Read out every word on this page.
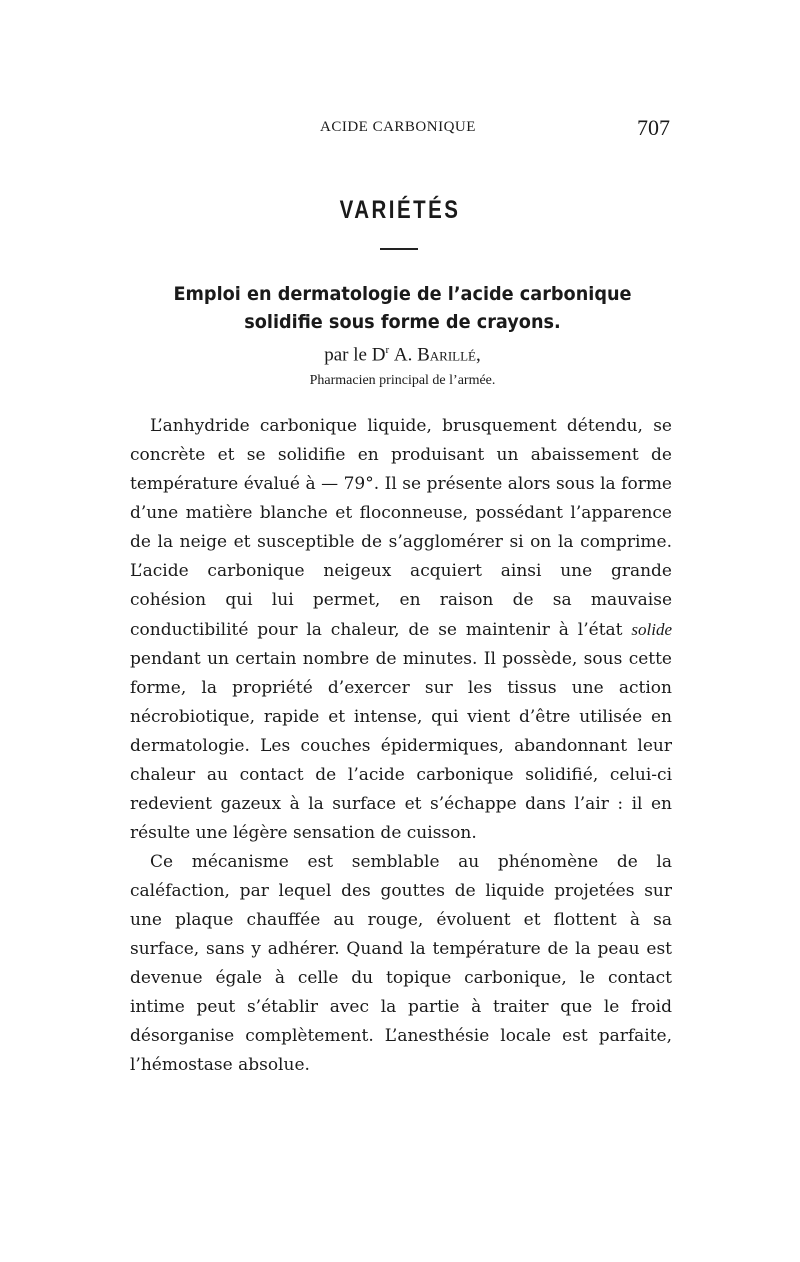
ACIDE CARBONIQUE	707
VARIÉTÉS
Emploi en dermatologie de l’acide carbonique solidifie sous forme de crayons.
par le $D^r$ A. Barillé,
Pharmacien principal de l’armée.

L’anhydride carbonique liquide, brusquement détendu, se concrète et se solidifie en produisant un abaissement de température évalué à — 79°. Il se présente alors sous la forme d’une matière blanche et floconneuse, possédant l’apparence de la neige et susceptible de s’agglomérer si on la comprime. L’acide carbonique neigeux acquiert ainsi une grande cohésion qui lui permet, en raison de sa mauvaise conductibilité pour la chaleur, de se maintenir à l’état solide pendant un certain nombre de minutes. Il possède, sous cette forme, la propriété d’exercer sur les tissus une action nécrobiotique, rapide et intense, qui vient d’être utilisée en dermatologie. Les couches épidermiques, abandonnant leur chaleur au contact de l’acide carbonique solidifié, celui-ci redevient gazeux à la surface et s’échappe dans l’air : il en résulte une légère sensation de cuisson.

Ce mécanisme est semblable au phénomène de la caléfaction, par lequel des gouttes de liquide projetées sur une plaque chauffée au rouge, évoluent et flottent à sa surface, sans y adhérer. Quand la température de la peau est devenue égale à celle du topique carbonique, le contact intime peut s’établir avec la partie à traiter que le froid désorganise complètement. L’anesthésie locale est parfaite, l’hémostase absolue.
